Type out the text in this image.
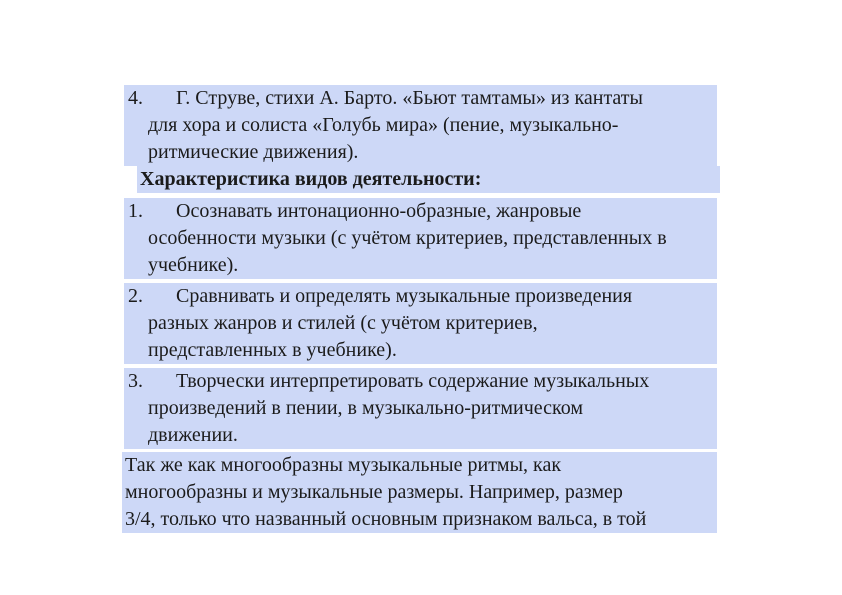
4.	Г. Струве, стихи А. Барто. «Бьют тамтамы» из кантаты
для хора и солиста «Голубь мира» (пение, музыкально-
ритмические движения).
Характеристика видов деятельности:
1.	Осознавать интонационно-образные, жанровые
особенности музыки (с учётом критериев, представленных в
учебнике).
2.	Сравнивать и определять музыкальные произведения
разных жанров и стилей (с учётом критериев,
представленных в учебнике).
3.	Творчески интерпретировать содержание музыкальных
произведений в пении, в музыкально-ритмическом
движении.
Так же как многообразны музыкальные ритмы, как
многообразны и музыкальные размеры. Например, размер
3/4, только что названный основным признаком вальса, в той
